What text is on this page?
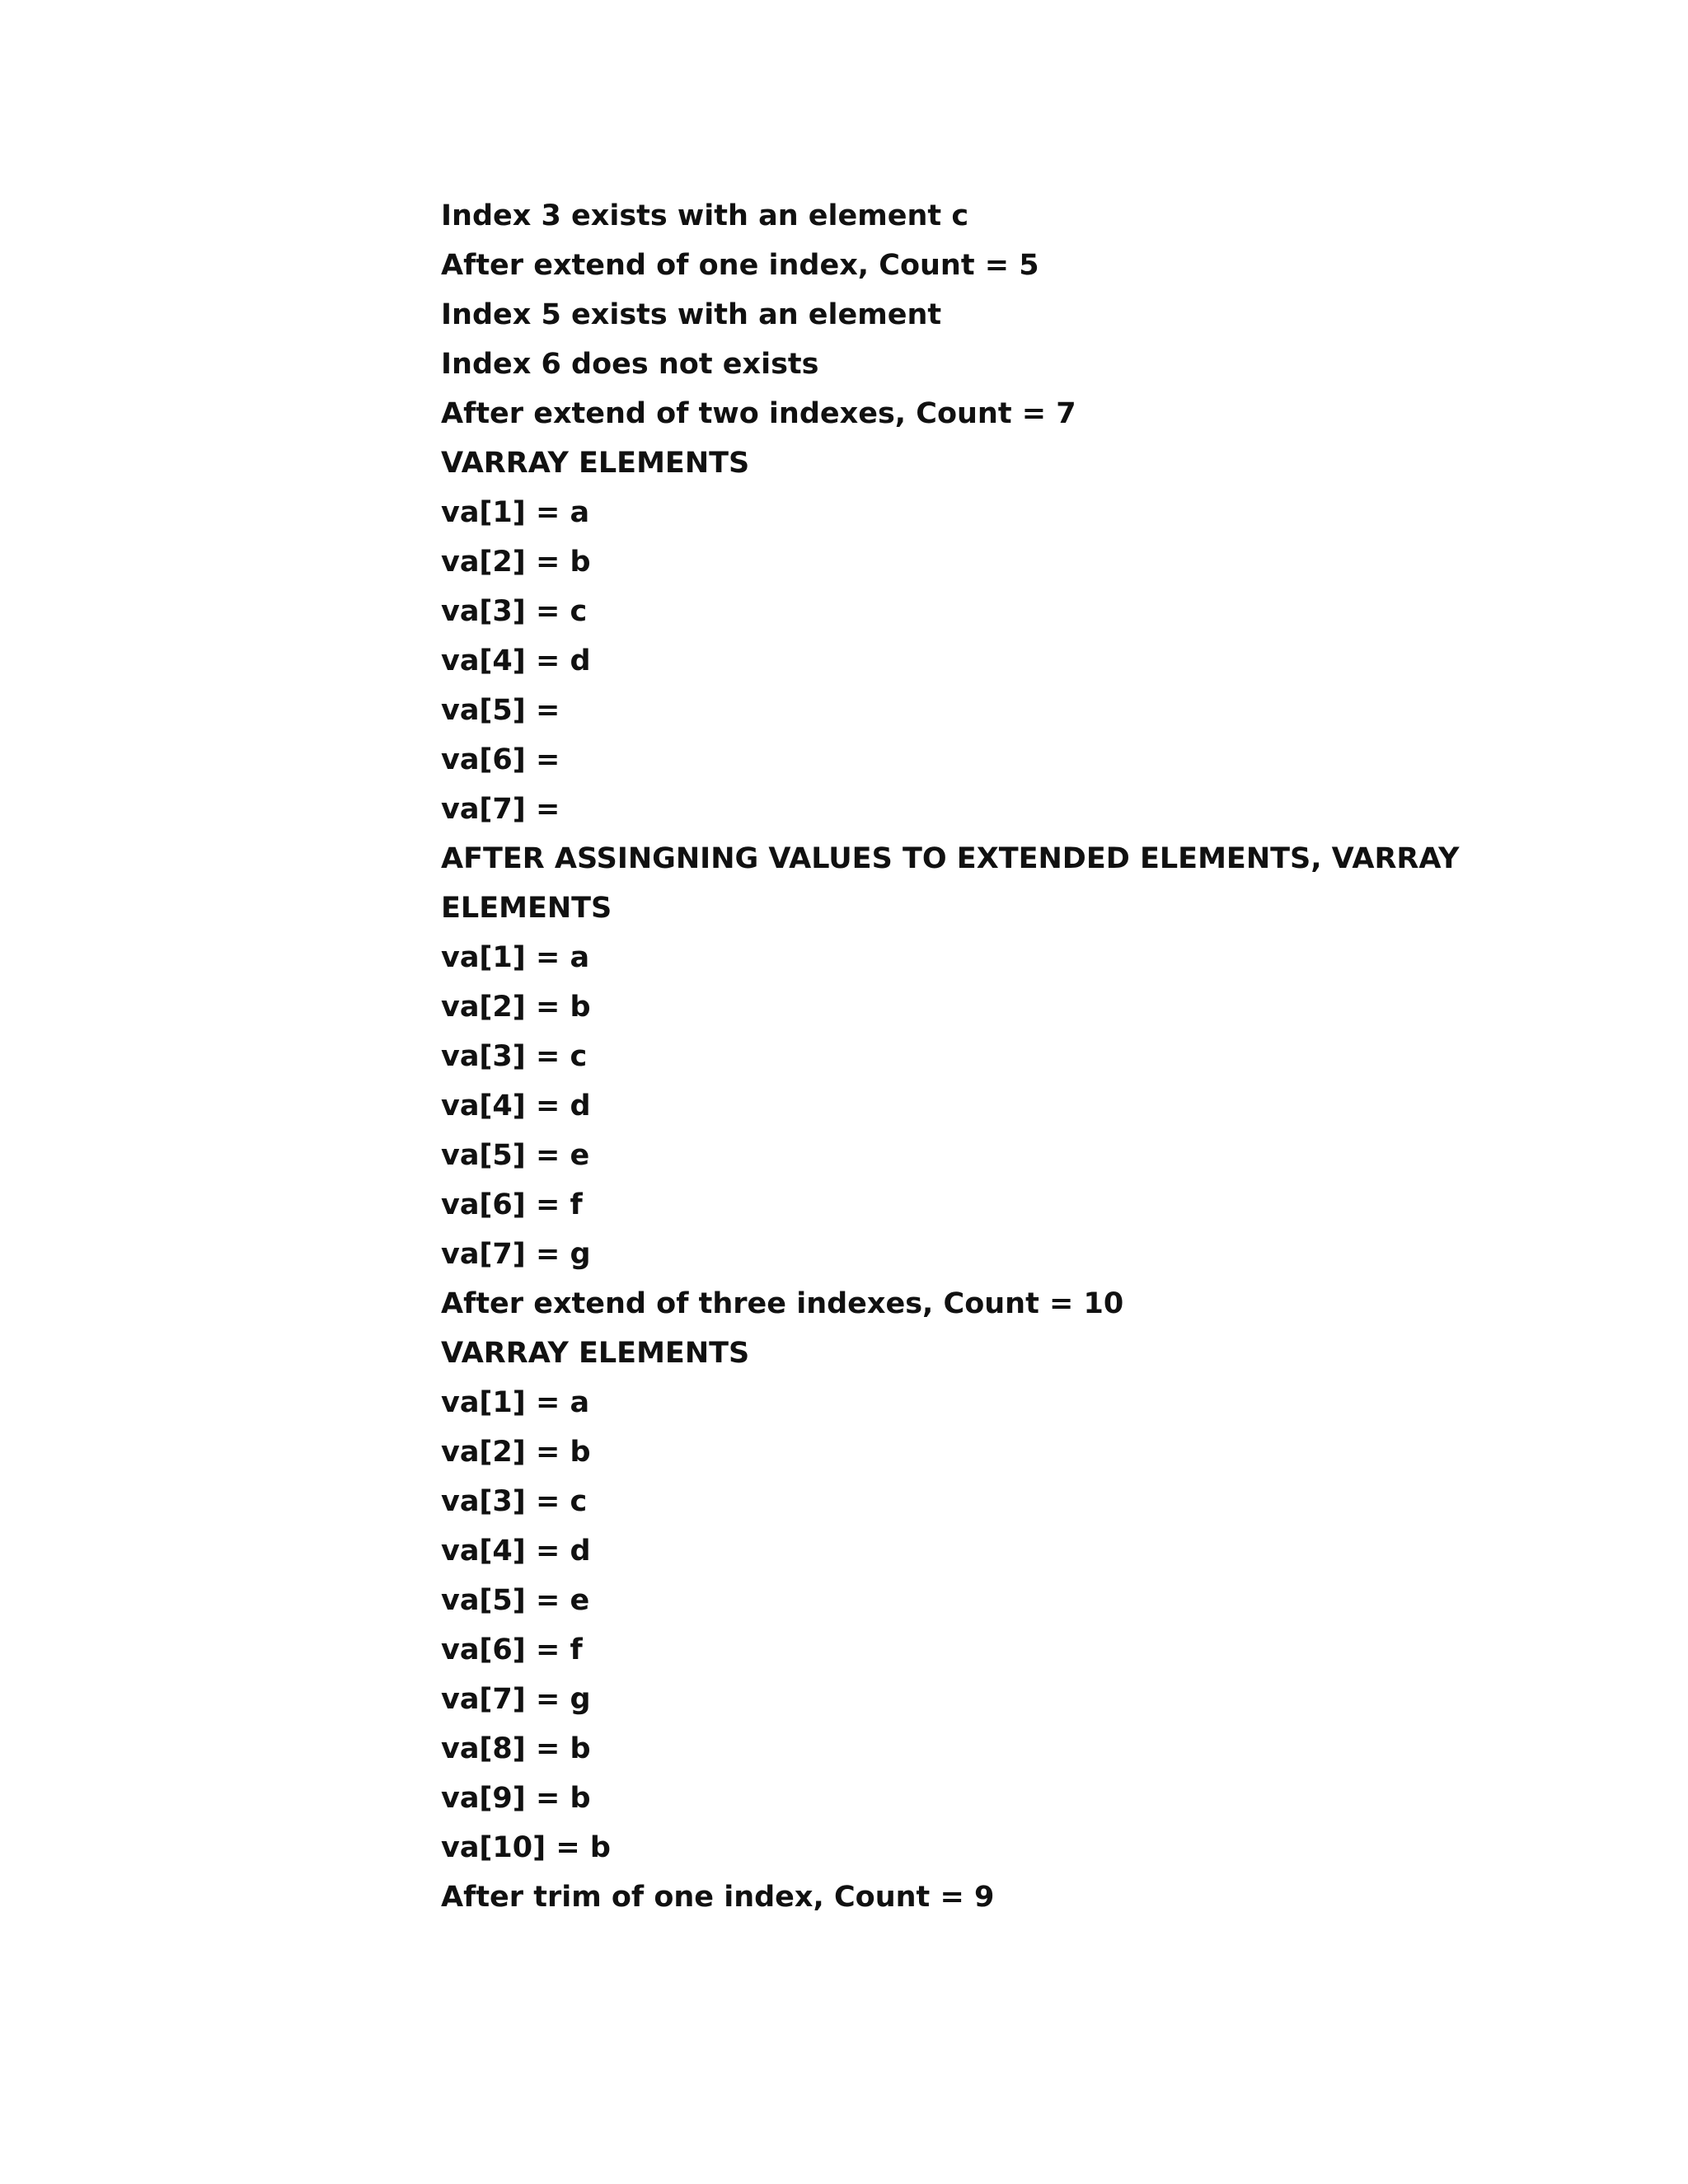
Index 3 exists with an element c
After extend of one index, Count = 5
Index 5 exists with an element
Index 6 does not exists
After extend of two indexes, Count = 7
VARRAY ELEMENTS
va[1] = a
va[2] = b
va[3] = c
va[4] = d
va[5] =
va[6] =
va[7] =
AFTER ASSINGNING VALUES TO EXTENDED ELEMENTS, VARRAY
ELEMENTS
va[1] = a
va[2] = b
va[3] = c
va[4] = d
va[5] = e
va[6] = f
va[7] = g
After extend of three indexes, Count = 10
VARRAY ELEMENTS
va[1] = a
va[2] = b
va[3] = c
va[4] = d
va[5] = e
va[6] = f
va[7] = g
va[8] = b
va[9] = b
va[10] = b
After trim of one index, Count = 9
